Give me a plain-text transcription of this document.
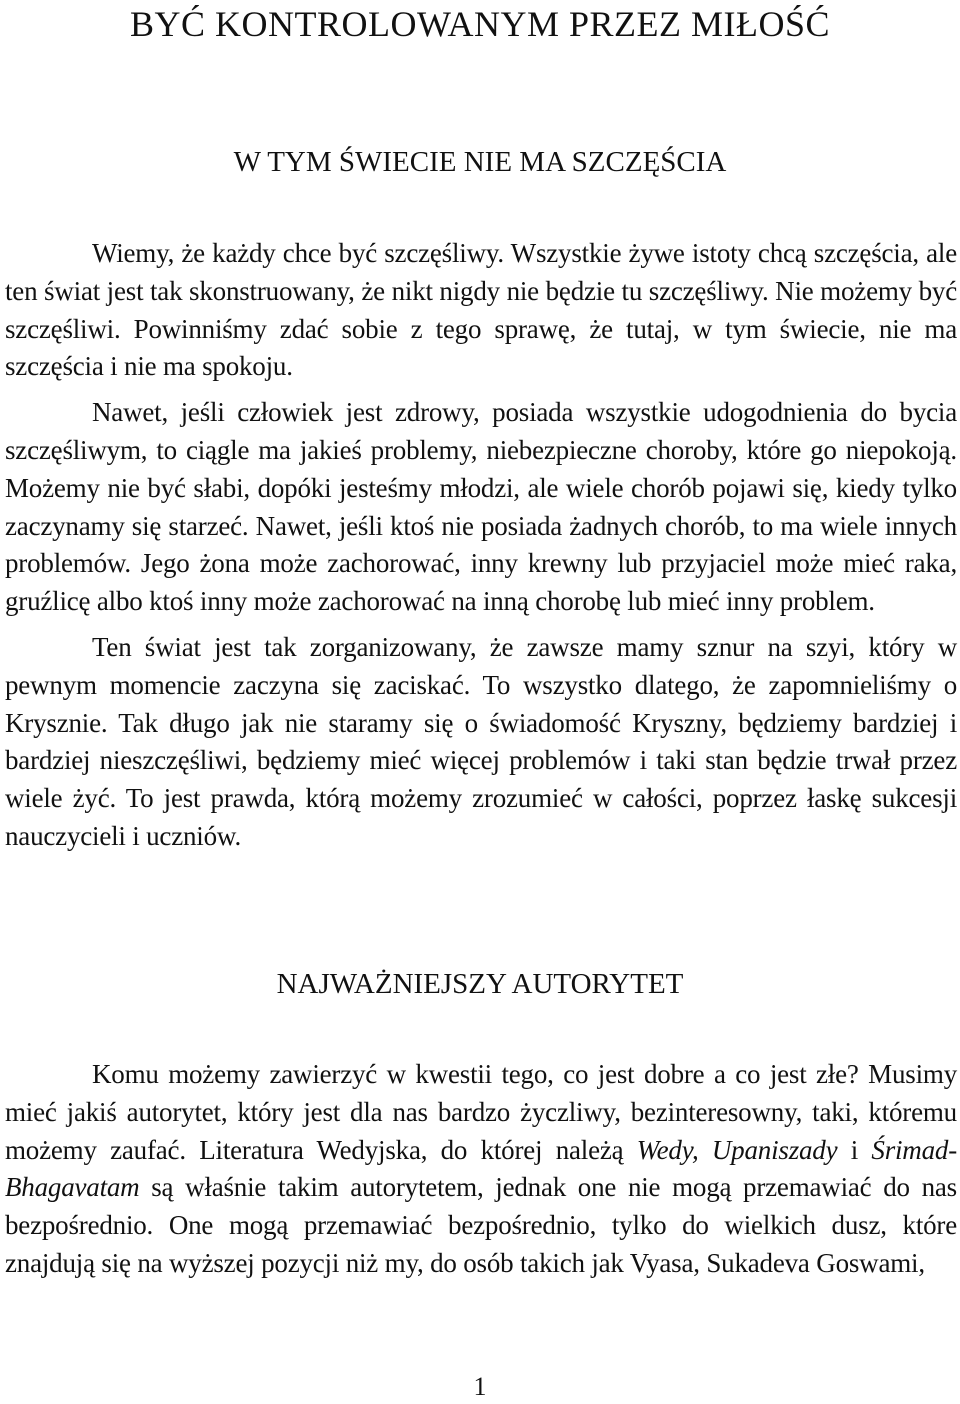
BYĆ KONTROLOWANYM PRZEZ MIŁOŚĆ
W TYM ŚWIECIE NIE MA SZCZĘŚCIA

Wiemy, że każdy chce być szczęśliwy. Wszystkie żywe istoty chcą szczęścia, ale ten świat jest tak skonstruowany, że nikt nigdy nie będzie tu szczęśliwy. Nie możemy być szczęśliwi. Powinniśmy zdać sobie z tego sprawę, że tutaj, w tym świecie, nie ma szczęścia i nie ma spokoju.

Nawet, jeśli człowiek jest zdrowy, posiada wszystkie udogodnienia do bycia szczęśliwym, to ciągle ma jakieś problemy, niebezpieczne choroby, które go niepokoją. Możemy nie być słabi, dopóki jesteśmy młodzi, ale wiele chorób pojawi się, kiedy tylko zaczynamy się starzeć. Nawet, jeśli ktoś nie posiada żadnych chorób, to ma wiele innych problemów. Jego żona może zachorować, inny krewny lub przyjaciel może mieć raka, gruźlicę albo ktoś inny może zachorować na inną chorobę lub mieć inny problem.

Ten świat jest tak zorganizowany, że zawsze mamy sznur na szyi, który w pewnym momencie zaczyna się zaciskać. To wszystko dlatego, że zapomnieliśmy o Krysznie. Tak długo jak nie staramy się o świadomość Kryszny, będziemy bardziej i bardziej nieszczęśliwi, będziemy mieć więcej problemów i taki stan będzie trwał przez wiele żyć. To jest prawda, którą możemy zrozumieć w całości, poprzez łaskę sukcesji nauczycieli i uczniów.

NAJWAŻNIEJSZY AUTORYTET

Komu możemy zawierzyć w kwestii tego, co jest dobre a co jest złe? Musimy mieć jakiś autorytet, który jest dla nas bardzo życzliwy, bezinteresowny, taki, któremu możemy zaufać. Literatura Wedyjska, do której należą Wedy, Upaniszady i Śrimad-Bhagavatam są właśnie takim autorytetem, jednak one nie mogą przemawiać do nas bezpośrednio. One mogą przemawiać bezpośrednio, tylko do wielkich dusz, które znajdują się na wyższej pozycji niż my, do osób takich jak Vyasa, Sukadeva Goswami,

1
